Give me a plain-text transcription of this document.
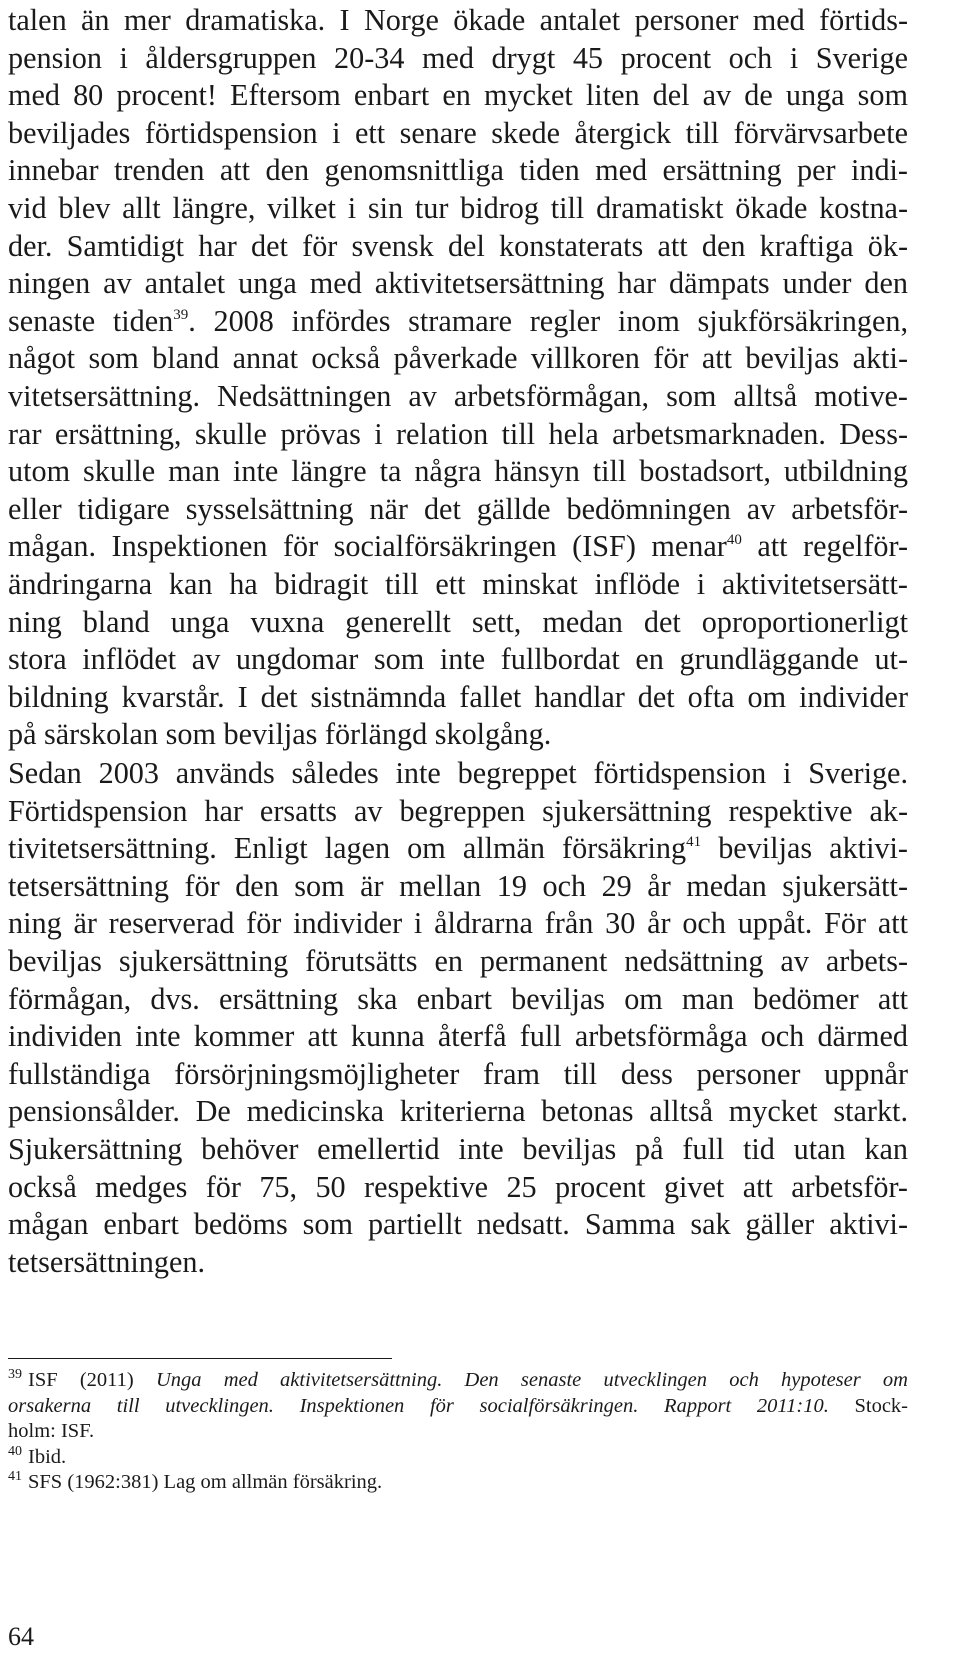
talen än mer dramatiska. I Norge ökade antalet personer med förtids-
pension i åldersgruppen 20-34 med drygt 45 procent och i Sverige
med 80 procent! Eftersom enbart en mycket liten del av de unga som
beviljades förtidspension i ett senare skede återgick till förvärvsarbete
innebar trenden att den genomsnittliga tiden med ersättning per indi-
vid blev allt längre, vilket i sin tur bidrog till dramatiskt ökade kostna-
der. Samtidigt har det för svensk del konstaterats att den kraftiga ök-
ningen av antalet unga med aktivitetsersättning har dämpats under den
senaste tiden$^{39}$. 2008 infördes stramare regler inom sjukförsäkringen,
något som bland annat också påverkade villkoren för att beviljas akti-
vitetsersättning. Nedsättningen av arbetsförmågan, som alltså motive-
rar ersättning, skulle prövas i relation till hela arbetsmarknaden. Dess-
utom skulle man inte längre ta några hänsyn till bostadsort, utbildning
eller tidigare sysselsättning när det gällde bedömningen av arbetsför-
mågan. Inspektionen för socialförsäkringen (ISF) menar$^{40}$ att regelför-
ändringarna kan ha bidragit till ett minskat inflöde i aktivitetsersätt-
ning bland unga vuxna generellt sett, medan det oproportionerligt
stora inflödet av ungdomar som inte fullbordat en grundläggande ut-
bildning kvarstår. I det sistnämnda fallet handlar det ofta om individer
på särskolan som beviljas förlängd skolgång.
Sedan 2003 används således inte begreppet förtidspension i Sverige.
Förtidspension har ersatts av begreppen sjukersättning respektive ak-
tivitetsersättning. Enligt lagen om allmän försäkring$^{41}$ beviljas aktivi-
tetsersättning för den som är mellan 19 och 29 år medan sjukersätt-
ning är reserverad för individer i åldrarna från 30 år och uppåt. För att
beviljas sjukersättning förutsätts en permanent nedsättning av arbets-
förmågan, dvs. ersättning ska enbart beviljas om man bedömer att
individen inte kommer att kunna återfå full arbetsförmåga och därmed
fullständiga försörjningsmöjligheter fram till dess personer uppnår
pensionsålder. De medicinska kriterierna betonas alltså mycket starkt.
Sjukersättning behöver emellertid inte beviljas på full tid utan kan
också medges för 75, 50 respektive 25 procent givet att arbetsför-
mågan enbart bedöms som partiellt nedsatt. Samma sak gäller aktivi-
tetsersättningen.
$^{39}$ ISF (2011) Unga med aktivitetsersättning. Den senaste utvecklingen och hypoteser om
orsakerna till utvecklingen. Inspektionen för socialförsäkringen. Rapport 2011:10. Stock-
holm: ISF.
$^{40}$ Ibid.
$^{41}$ SFS (1962:381) Lag om allmän försäkring.
64
